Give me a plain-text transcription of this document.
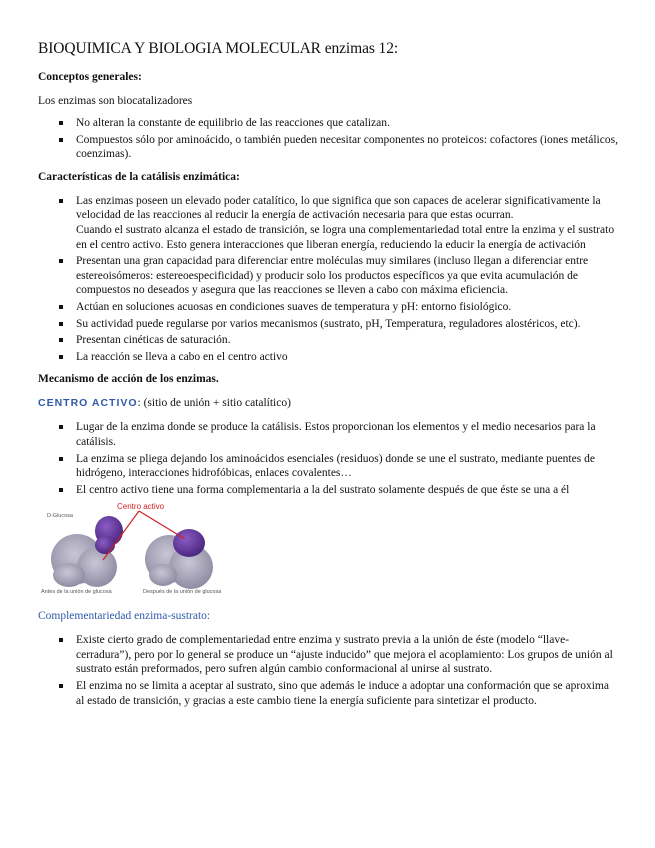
BIOQUIMICA Y BIOLOGIA MOLECULAR enzimas 12:
Conceptos generales:
Los enzimas son biocatalizadores
No alteran la constante de equilibrio de las reacciones que catalizan.
Compuestos sólo por aminoácido, o también pueden necesitar componentes no proteicos: cofactores (iones metálicos, coenzimas).
Características de la catálisis enzimática:
Las enzimas poseen un elevado poder catalítico, lo que significa que son capaces de acelerar significativamente la velocidad de las reacciones al reducir la energía de activación necesaria para que estas ocurran.
Cuando el sustrato alcanza el estado de transición, se logra una complementariedad total entre la enzima y el sustrato en el centro activo. Esto genera interacciones que liberan energía, reduciendo la educir la energía de activación
Presentan una gran capacidad para diferenciar entre moléculas muy similares (incluso llegan a diferenciar entre estereoisómeros: estereoespecificidad) y producir solo los productos específicos ya que evita acumulación de compuestos no deseados y asegura que las reacciones se lleven a cabo con máxima eficiencia.
Actúan en soluciones acuosas en condiciones suaves de temperatura y pH: entorno fisiológico.
Su actividad puede regularse por varios mecanismos (sustrato, pH, Temperatura, reguladores alostéricos, etc).
Presentan cinéticas de saturación.
La reacción se lleva a cabo en el centro activo
Mecanismo de acción de los enzimas.
CENTRO ACTIVO: (sitio de unión + sitio catalítico)
Lugar de la enzima donde se produce la catálisis. Estos proporcionan los elementos y el medio necesarios para la catálisis.
La enzima se pliega dejando los aminoácidos esenciales (residuos) donde se une el sustrato, mediante puentes de hidrógeno, interacciones hidrofóbicas, enlaces covalentes…
El centro activo tiene una forma complementaria a la del sustrato solamente después de que éste se una a él
D-Glucosa
Centro activo
Antes de la unión de glucosa	Después de la unión de glucosa
Complementariedad enzima-sustrato:
Existe cierto grado de complementariedad entre enzima y sustrato previa a la unión de éste (modelo “llave-cerradura”), pero por lo general se produce un “ajuste inducido” que mejora el acoplamiento: Los grupos de unión al sustrato están preformados, pero sufren algún cambio conformacional al unirse al sustrato.
El enzima no se limita a aceptar al sustrato, sino que además le induce a adoptar una conformación que se aproxima al estado de transición, y gracias a este cambio tiene la energía suficiente para sintetizar el producto.
